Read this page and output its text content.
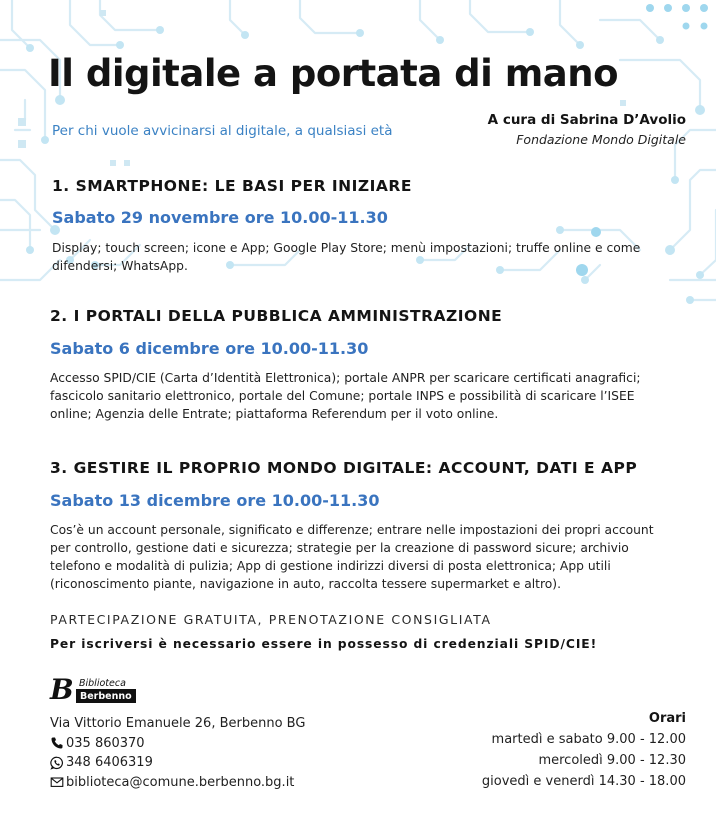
Il digitale a portata di mano
Per chi vuole avvicinarsi al digitale, a qualsiasi età
A cura di Sabrina D’Avolio
Fondazione Mondo Digitale
1. SMARTPHONE: LE BASI PER INIZIARE
Sabato 29 novembre ore 10.00-11.30
Display; touch screen; icone e App; Google Play Store; menù impostazioni; truffe online e come difendersi; WhatsApp.
2. I PORTALI DELLA PUBBLICA AMMINISTRAZIONE
Sabato 6 dicembre ore 10.00-11.30
Accesso SPID/CIE (Carta d’Identità Elettronica); portale ANPR per scaricare certificati anagrafici; fascicolo sanitario elettronico, portale del Comune; portale INPS e possibilità di scaricare l’ISEE online; Agenzia delle Entrate; piattaforma Referendum per il voto online.
3. GESTIRE IL PROPRIO MONDO DIGITALE: ACCOUNT, DATI E APP
Sabato 13 dicembre ore 10.00-11.30
Cos’è un account personale, significato e differenze; entrare nelle impostazioni dei propri account per controllo, gestione dati e sicurezza; strategie per la creazione di password sicure; archivio telefono e modalità di pulizia; App di gestione indirizzi diversi di posta elettronica; App utili (riconoscimento piante, navigazione in auto, raccolta tessere supermarket e altro).
PARTECIPAZIONE GRATUITA, PRENOTAZIONE CONSIGLIATA
Per iscriversi è necessario essere in possesso di credenziali SPID/CIE!
B Biblioteca
Berbenno
Via Vittorio Emanuele 26, Berbenno BG
035 860370
348 6406319
biblioteca@comune.berbenno.bg.it
Orari
martedì e sabato 9.00 - 12.00
mercoledì 9.00 - 12.30
giovedì e venerdì 14.30 - 18.00
